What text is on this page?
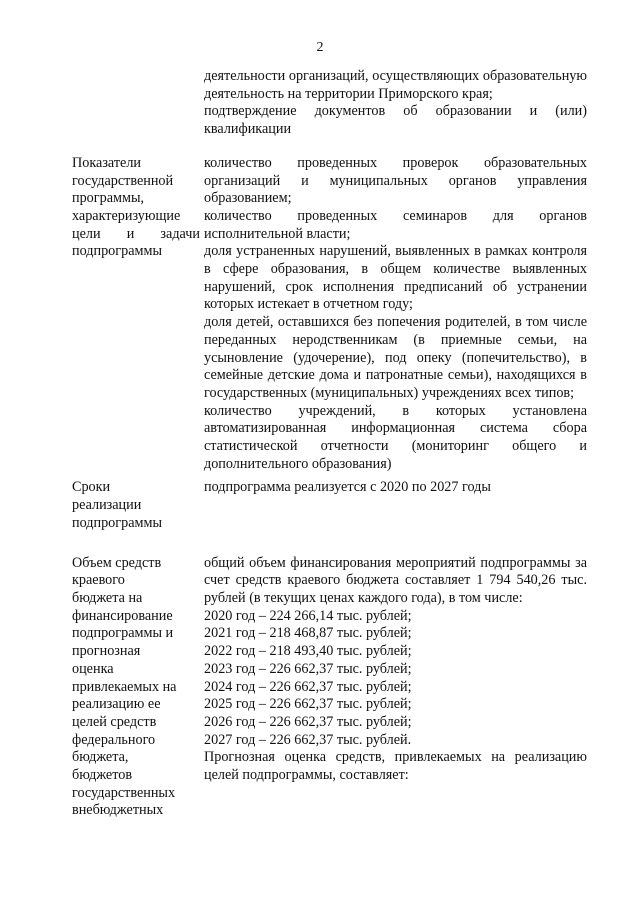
2

деятельности организаций, осуществляющих образовательную деятельность на территории Приморского края;

подтверждение документов об образовании и (или) квалификации

Показатели
государственной
программы,
характеризующие
цели и задачи
подпрограммы

количество проведенных проверок образовательных организаций и муниципальных органов управления образованием;

количество проведенных семинаров для органов исполнительной власти;

доля устраненных нарушений, выявленных в рамках контроля в сфере образования, в общем количестве выявленных нарушений, срок исполнения предписаний об устранении которых истекает в отчетном году;

доля детей, оставшихся без попечения родителей, в том числе переданных неродственникам (в приемные семьи, на усыновление (удочерение), под опеку (попечительство), в семейные детские дома и патронатные семьи), находящихся в государственных (муниципальных) учреждениях всех типов;

количество учреждений, в которых установлена автоматизированная информационная система сбора статистической отчетности (мониторинг общего и дополнительного образования)

Сроки
реализации
подпрограммы

подпрограмма реализуется с 2020 по 2027 годы

Объем средств
краевого
бюджета на
финансирование
подпрограммы и
прогнозная
оценка
привлекаемых на
реализацию ее
целей средств
федерального
бюджета,
бюджетов
государственных
внебюджетных

общий объем финансирования мероприятий подпрограммы за счет средств краевого бюджета составляет 1 794 540,26 тыс. рублей (в текущих ценах каждого года), в том числе:

2020 год – 224 266,14 тыс. рублей;

2021 год – 218 468,87 тыс. рублей;

2022 год – 218 493,40 тыс. рублей;

2023 год – 226 662,37 тыс. рублей;

2024 год – 226 662,37 тыс. рублей;

2025 год – 226 662,37 тыс. рублей;

2026 год – 226 662,37 тыс. рублей;

2027 год – 226 662,37 тыс. рублей.

Прогнозная оценка средств, привлекаемых на реализацию целей подпрограммы, составляет:
